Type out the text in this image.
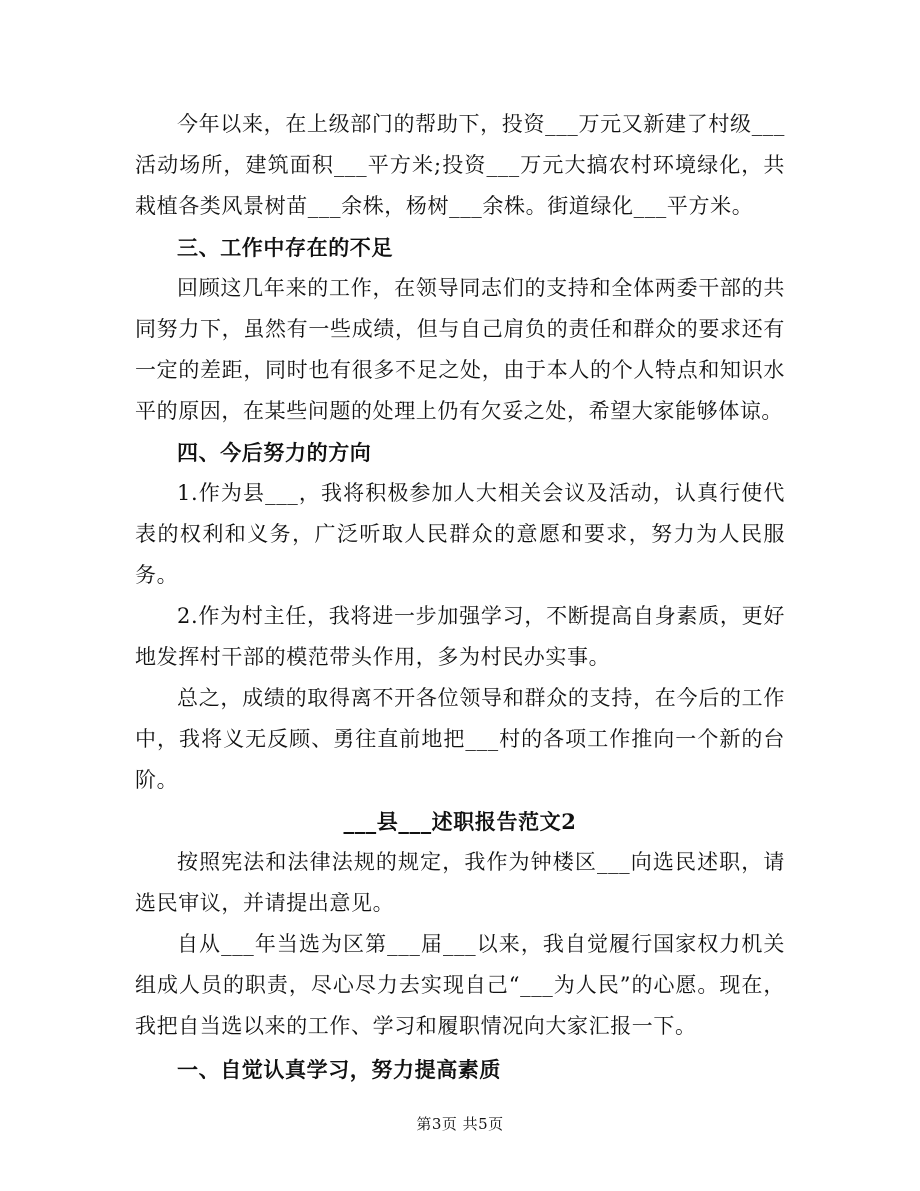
今年以来，在上级部门的帮助下，投资___万元又新建了村级___活动场所，建筑面积___平方米;投资___万元大搞农村环境绿化，共栽植各类风景树苗___余株，杨树___余株。街道绿化___平方米。

三、工作中存在的不足

回顾这几年来的工作，在领导同志们的支持和全体两委干部的共同努力下，虽然有一些成绩，但与自己肩负的责任和群众的要求还有一定的差距，同时也有很多不足之处，由于本人的个人特点和知识水平的原因，在某些问题的处理上仍有欠妥之处，希望大家能够体谅。

四、今后努力的方向

1.作为县___，我将积极参加人大相关会议及活动，认真行使代表的权利和义务，广泛听取人民群众的意愿和要求，努力为人民服务。

2.作为村主任，我将进一步加强学习，不断提高自身素质，更好地发挥村干部的模范带头作用，多为村民办实事。

总之，成绩的取得离不开各位领导和群众的支持，在今后的工作中，我将义无反顾、勇往直前地把___村的各项工作推向一个新的台阶。

___县___述职报告范文2

按照宪法和法律法规的规定，我作为钟楼区___向选民述职，请选民审议，并请提出意见。

自从___年当选为区第___届___以来，我自觉履行国家权力机关组成人员的职责，尽心尽力去实现自己“___为人民”的心愿。现在，我把自当选以来的工作、学习和履职情况向大家汇报一下。

一、自觉认真学习，努力提高素质

第3页 共5页
